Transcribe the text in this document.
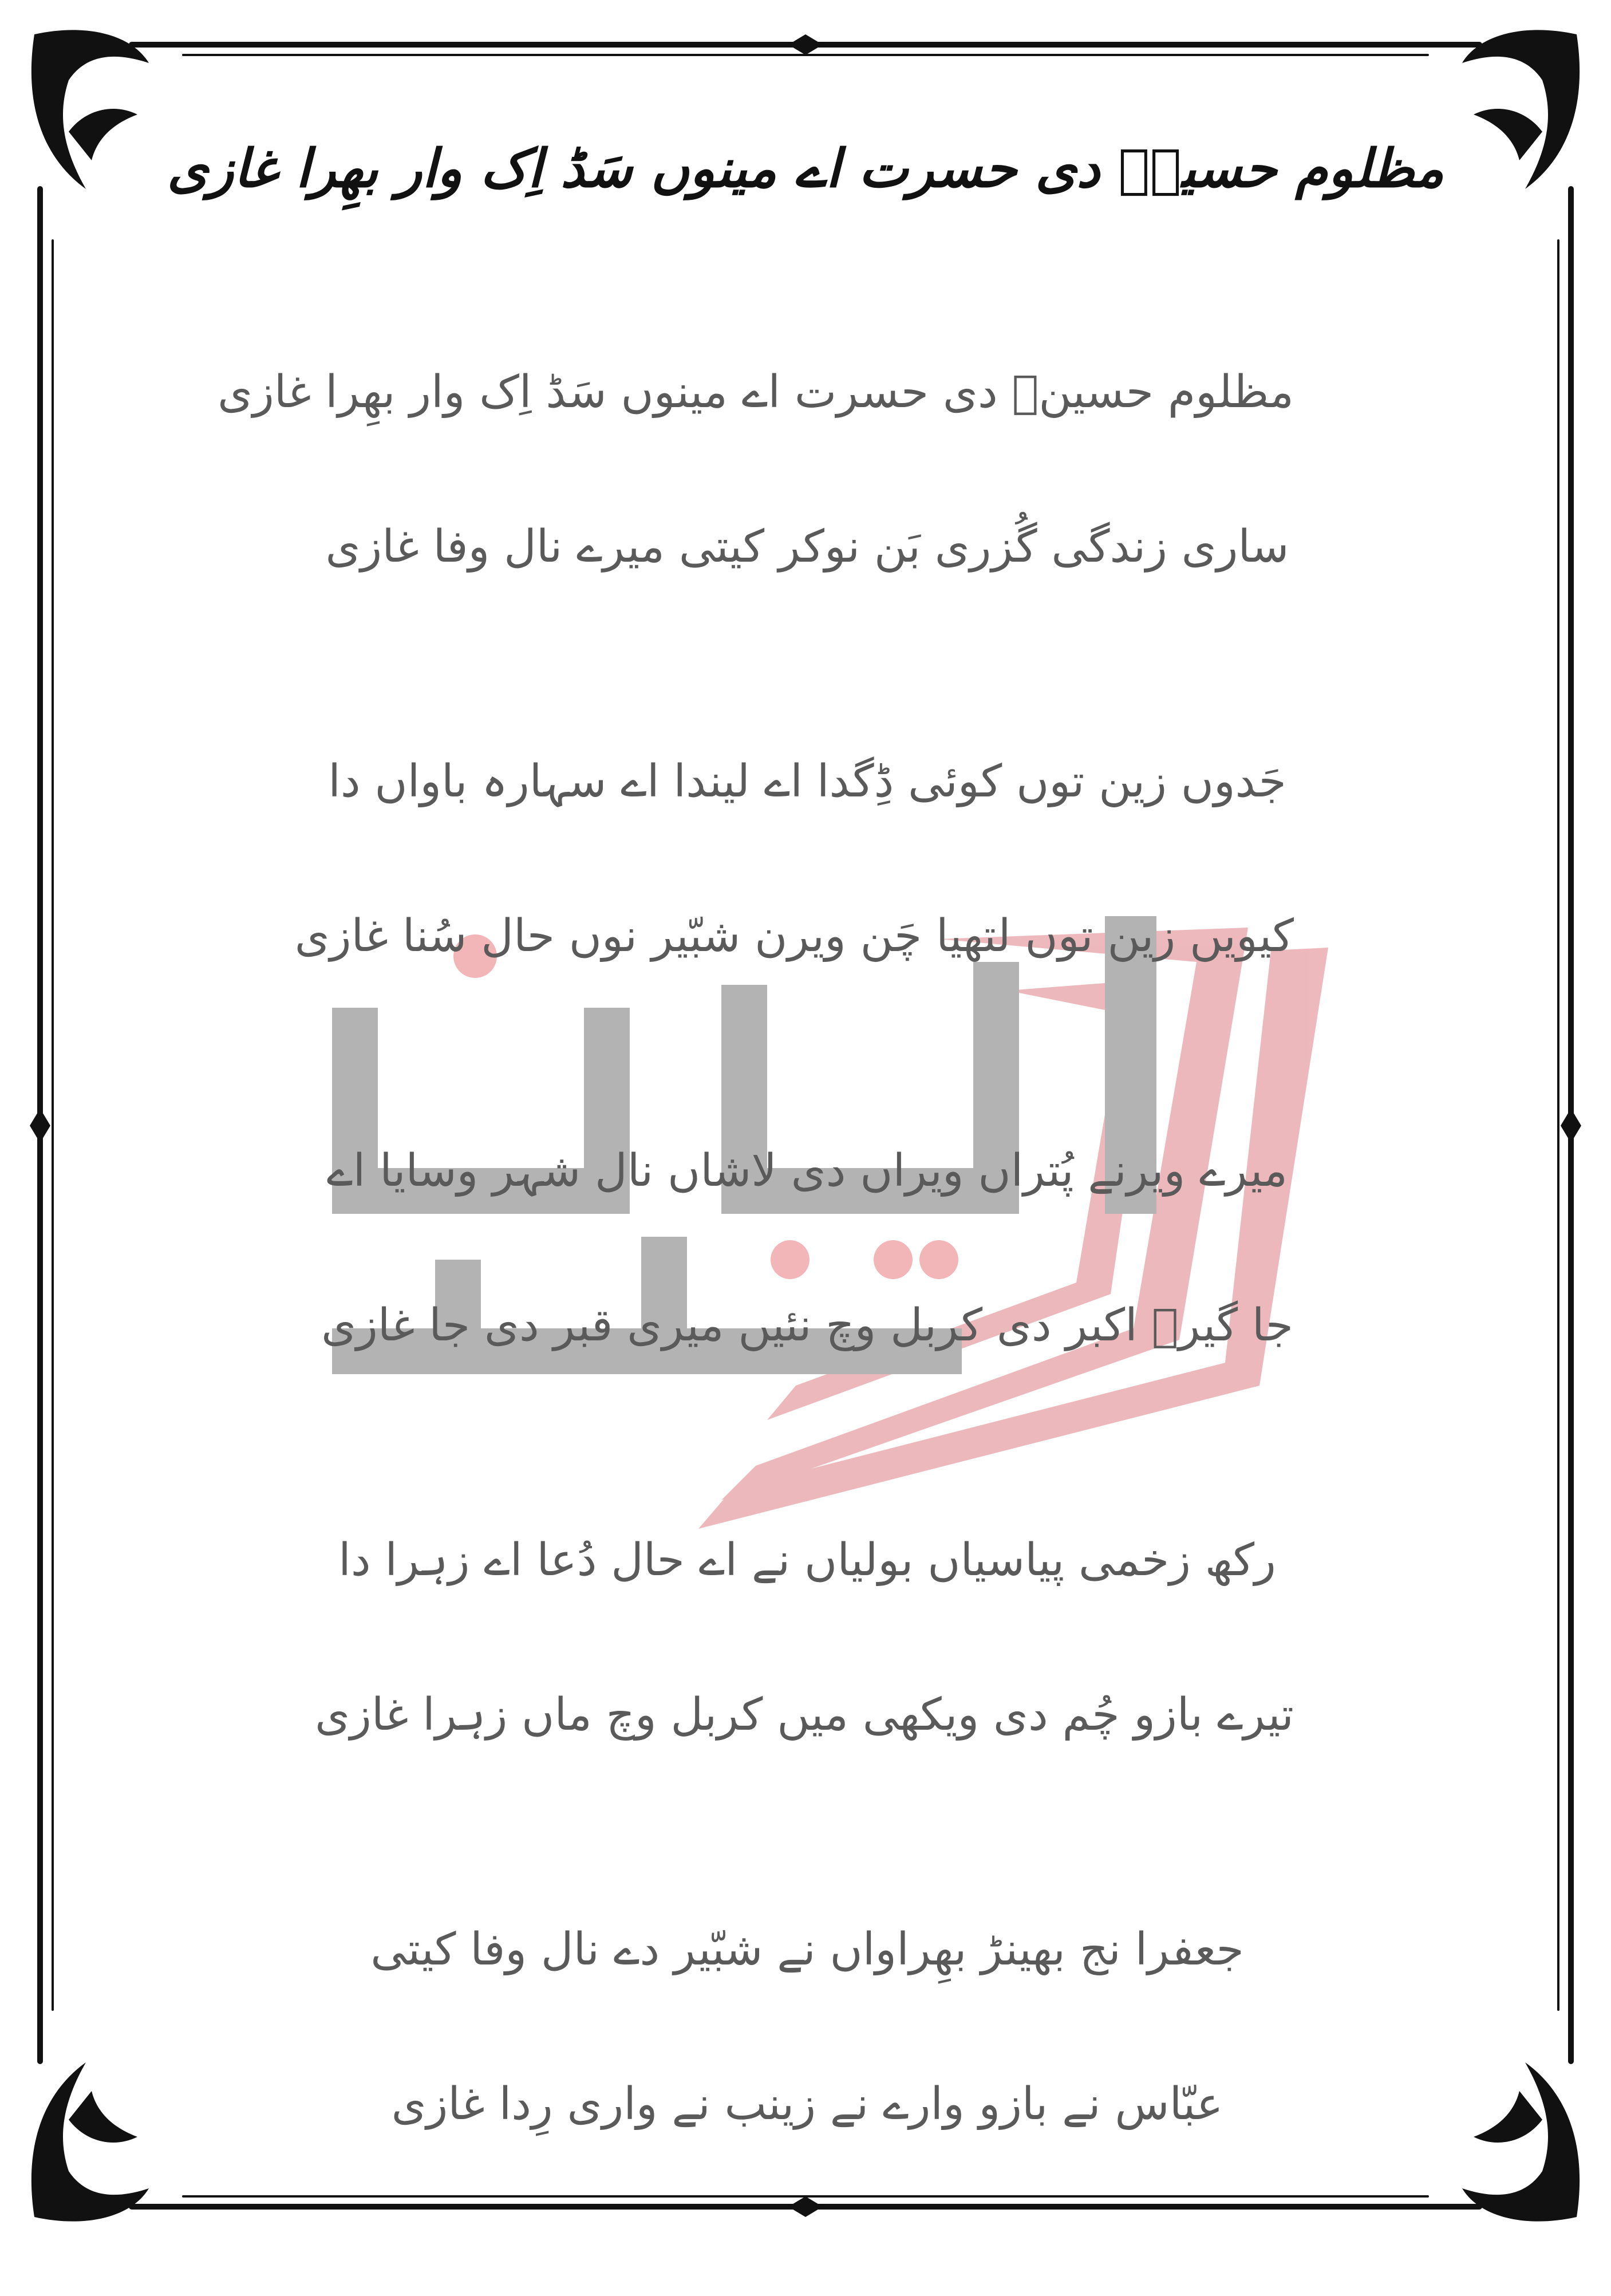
مظلوم حسینؑ دی حسرت اے مینوں سَڈ اِک وار بھِرا غازی
مظلوم حسینؑ دی حسرت اے مینوں سَڈ اِک وار بھِرا غازی
ساری زندگی گُزری بَن نوکر کیتی میرے نال وفا غازی
جَدوں زین توں کوئی ڈِگدا اے لیندا اے سہارہ باواں دا
کیویں زین توں لتھیا چَن ویرن شبّیر نوں حال سُنا غازی
میرے ویرنے پُتراں ویراں دی لاشاں نال شہر وسایا اے
جا گیرؑ اکبر دی کربل وچ نئیں میری قبر دی جا غازی
رکھ زخمی پیاسیاں بولیاں نے اے حال دُعا اے زہرا دا
تیرے بازو چُم دی ویکھی میں کربل وچ ماں زہرا غازی
جعفرا نج بھینڑ بھِراواں نے شبّیر دے نال وفا کیتی
عبّاس نے بازو وارے نے زینب نے واری رِدا غازی
